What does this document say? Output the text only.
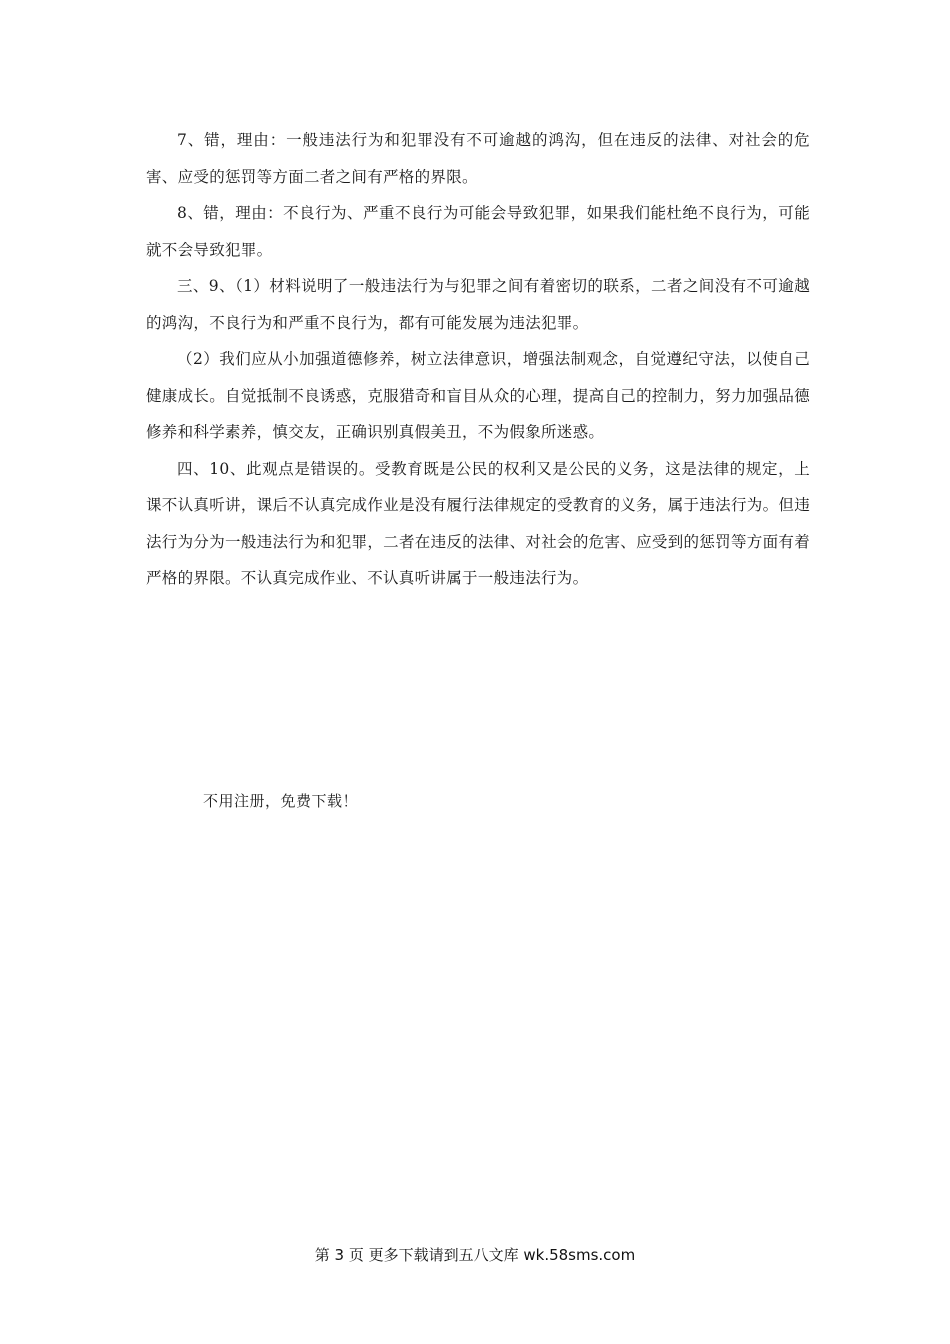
7、错，理由：一般违法行为和犯罪没有不可逾越的鸿沟，但在违反的法律、对社会的危害、应受的惩罚等方面二者之间有严格的界限。

8、错，理由：不良行为、严重不良行为可能会导致犯罪，如果我们能杜绝不良行为，可能就不会导致犯罪。

三、9、（1）材料说明了一般违法行为与犯罪之间有着密切的联系，二者之间没有不可逾越的鸿沟，不良行为和严重不良行为，都有可能发展为违法犯罪。

（2）我们应从小加强道德修养，树立法律意识，增强法制观念，自觉遵纪守法，以使自己健康成长。自觉抵制不良诱惑，克服猎奇和盲目从众的心理，提高自己的控制力，努力加强品德修养和科学素养，慎交友，正确识别真假美丑，不为假象所迷惑。

四、10、此观点是错误的。受教育既是公民的权利又是公民的义务，这是法律的规定，上课不认真听讲，课后不认真完成作业是没有履行法律规定的受教育的义务，属于违法行为。但违法行为分为一般违法行为和犯罪，二者在违反的法律、对社会的危害、应受到的惩罚等方面有着严格的界限。不认真完成作业、不认真听讲属于一般违法行为。

不用注册，免费下载！
第 3 页 更多下载请到五八文库 wk.58sms.com
